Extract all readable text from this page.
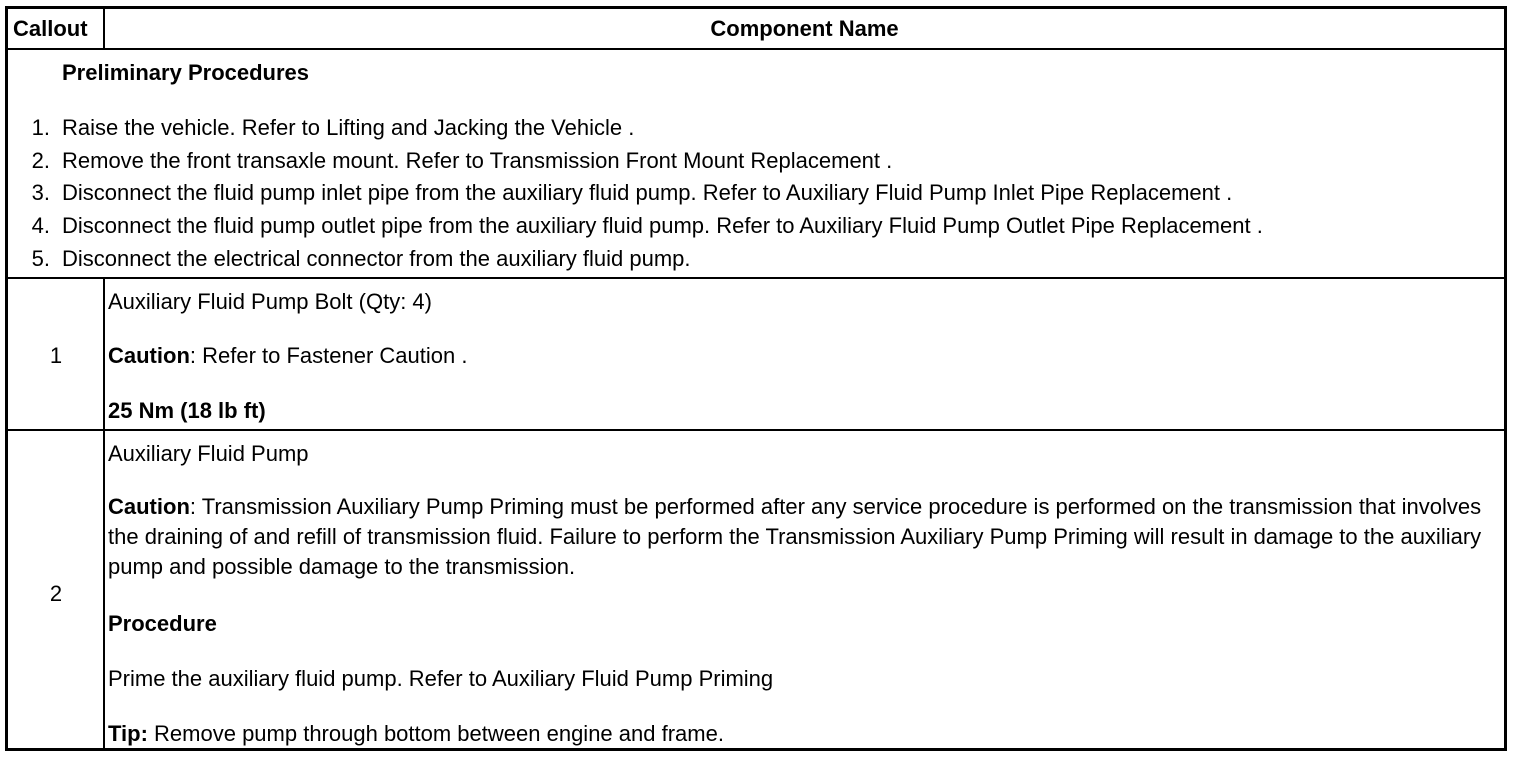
Callout	Component Name
Preliminary Procedures
1. Raise the vehicle. Refer to Lifting and Jacking the Vehicle .
2. Remove the front transaxle mount. Refer to Transmission Front Mount Replacement .
3. Disconnect the fluid pump inlet pipe from the auxiliary fluid pump. Refer to Auxiliary Fluid Pump Inlet Pipe Replacement .
4. Disconnect the fluid pump outlet pipe from the auxiliary fluid pump. Refer to Auxiliary Fluid Pump Outlet Pipe Replacement .
5. Disconnect the electrical connector from the auxiliary fluid pump.
1
Auxiliary Fluid Pump Bolt (Qty: 4)
Caution: Refer to Fastener Caution .
25 Nm (18 lb ft)
2
Auxiliary Fluid Pump
Caution: Transmission Auxiliary Pump Priming must be performed after any service procedure is performed on the transmission that involves the draining of and refill of transmission fluid. Failure to perform the Transmission Auxiliary Pump Priming will result in damage to the auxiliary pump and possible damage to the transmission.
Procedure
Prime the auxiliary fluid pump. Refer to Auxiliary Fluid Pump Priming
Tip: Remove pump through bottom between engine and frame.
